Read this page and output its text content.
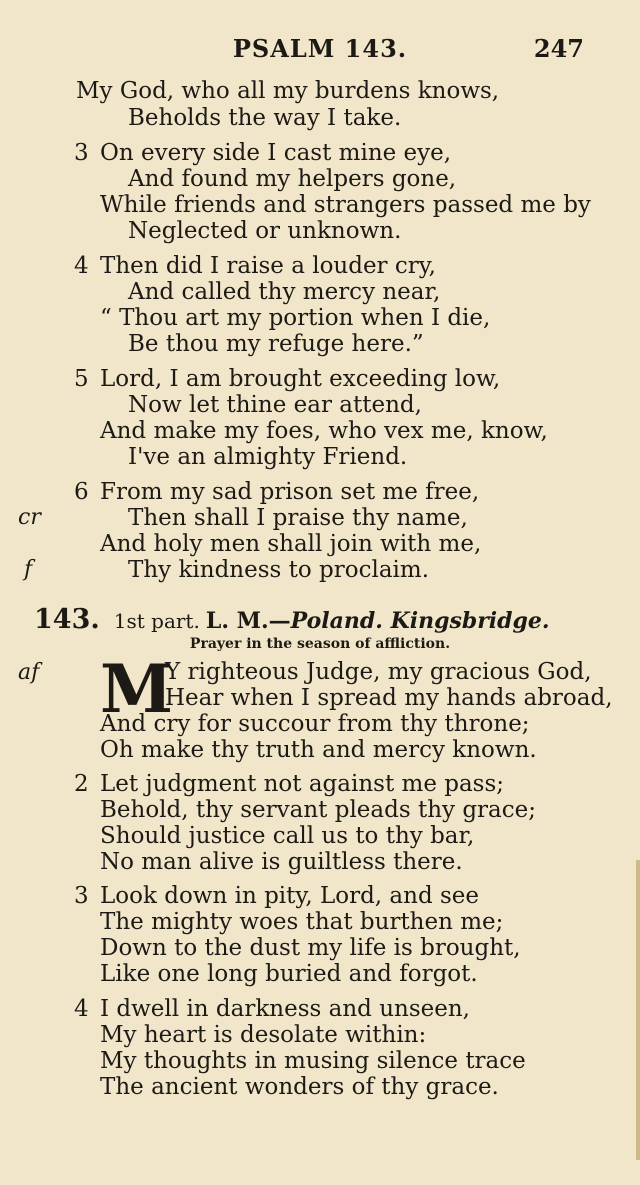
PSALM 143.	247
My God, who all my burdens knows,
Beholds the way I take.
3 On every side I cast mine eye,
And found my helpers gone,
While friends and strangers passed me by
Neglected or unknown.
4 Then did I raise a louder cry,
And called thy mercy near,
“ Thou art my portion when I die,
Be thou my refuge here.”
5 Lord, I am brought exceeding low,
Now let thine ear attend,
And make my foes, who vex me, know,
I've an almighty Friend.
6 From my sad prison set me free,
cr	Then shall I praise thy name,
And holy men shall join with me,
f	Thy kindness to proclaim.
143. 1st part. L. M.—Poland. Kingsbridge.
Prayer in the season of affliction.
af M
Y righteous Judge, my gracious God,
Hear when I spread my hands abroad,
And cry for succour from thy throne;
Oh make thy truth and mercy known.
2 Let judgment not against me pass;
Behold, thy servant pleads thy grace;
Should justice call us to thy bar,
No man alive is guiltless there.
3 Look down in pity, Lord, and see
The mighty woes that burthen me;
Down to the dust my life is brought,
Like one long buried and forgot.
4 I dwell in darkness and unseen,
My heart is desolate within:
My thoughts in musing silence trace
The ancient wonders of thy grace.
